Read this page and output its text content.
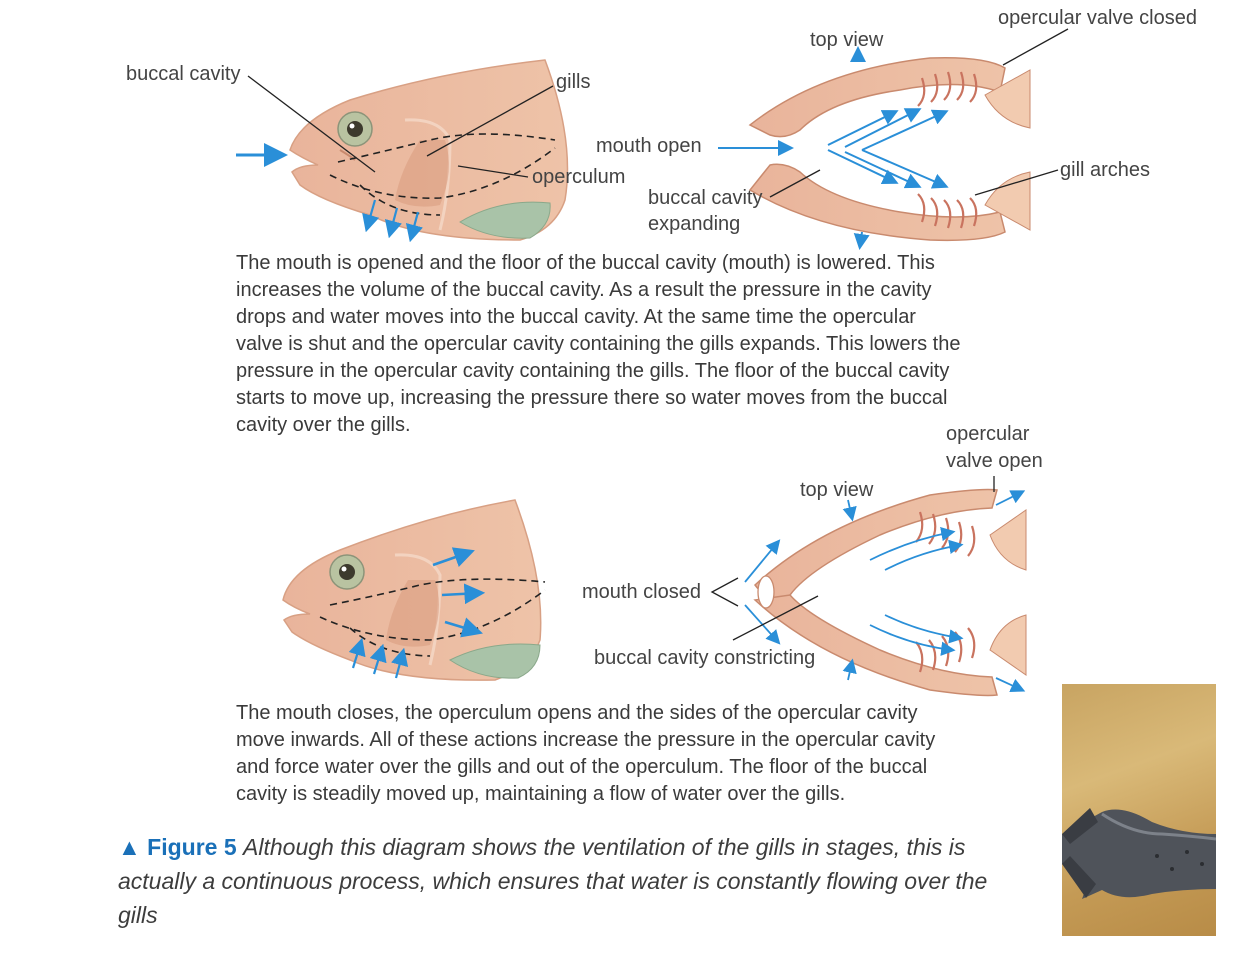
buccal cavity	gills
operculum
top view
opercular valve closed
mouth open
gill arches
buccal cavity
expanding
The mouth is opened and the floor of the buccal cavity (mouth) is lowered. This
increases the volume of the buccal cavity. As a result the pressure in the cavity
drops and water moves into the buccal cavity. At the same time the opercular
valve is shut and the opercular cavity containing the gills expands. This lowers the
pressure in the opercular cavity containing the gills. The floor of the buccal cavity
starts to move up, increasing the pressure there so water moves from the buccal
cavity over the gills.	opercular
valve open
top view
mouth closed
buccal cavity constricting
The mouth closes, the operculum opens and the sides of the opercular cavity
move inwards. All of these actions increase the pressure in the opercular cavity
and force water over the gills and out of the operculum. The floor of the buccal
cavity is steadily moved up, maintaining a flow of water over the gills.
▲ Figure 5 Although this diagram shows the ventilation of the gills in stages, this is actually a continuous process, which ensures that water is constantly flowing over the gills
